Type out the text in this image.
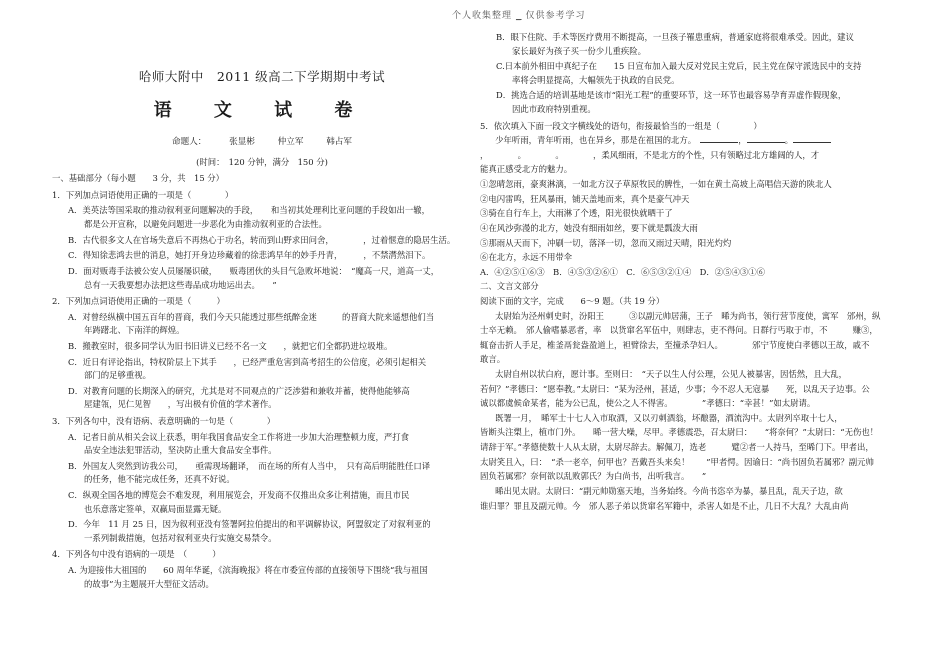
个人收集整理 _ 仅供参考学习
哈师大附中　2011 级高二下学期期中考试
语 文 试 卷
命题人：	张显彬	仲立军	韩占军
(时间：　120 分钟，满分　150 分)
一、基础部分（每小题　　3 分，共　15 分）
1．下列加点词语使用正确的一项是（　　　　）
A．美英法等国采取的推动叙利亚问题解决的手段，　　和当初其处理利比亚问题的手段如出一辙，
都是公开宣称，以避免问题进一步恶化为由推动叙利亚的合法性。
B．古代很多文人在官场失意后不再热心于功名，转而到山野求田问舍，　　　　，过着惬意的隐居生活。
C．得知徐悲鸿去世的消息，她打开身边珍藏着的徐悲鸿早年的妙手丹青，　　　，不禁潸然泪下。
D．面对贩毒手法被公安人员屡屡识破，　　贩毒团伙的头目气急败坏地说：　“魔高一尺，道高一丈，
总有一天我要想办法把这些毒品成功地运出去。　　”
2．下列加点词语使用正确的一项是（　　　）
A．对曾经纵横中国五百年的晋商，我们今天只能透过那些纸醉金迷　　　的晋商大院来遥想他们当
年踌躇北、下南洋的辉煌。
B．搬教室时，很多同学认为旧书旧讲义已经不名一文　　，就把它们全都扔进垃圾堆。
C．近日有评论指出，特权阶层上下其手　　，已经严重危害到高考招生的公信度，必须引起相关
部门的足够重视。
D．对教育问题的长期深入的研究，尤其是对不同观点的广泛涉猎和兼收并蓄，使得他能够高
屋建瓴，见仁见智　　，写出极有价值的学术著作。
3．下列各句中，没有语病、表意明确的一句是（　　　　）
A．记者日前从相关会议上获悉，明年我国食品安全工作将进一步加大治理整顿力度，严打食
品安全违法犯罪活动，坚决防止重大食品安全事件。
B．外国友人突然到访我公司，　　亟需现场翻译，　而在场的所有人当中，　只有高后明能胜任口译
的任务，他不能完成任务，还真不好说。
C．纵观全国各地的博览会不难发现，利用展览会，开发商不仅推出众多让利措施，而且市民
也乐意落定签单，双赢局面显露无疑。
D．今年　11 月 25 日，因为叙利亚没有签署阿拉伯提出的和平调解协议，阿盟叙定了对叙利亚的
一系列制裁措施，包括对叙利亚央行实施交易禁令。
4．下列各句中没有语病的一项是　（　　　）
A. 为迎接伟大祖国的　　60 周年华诞，《滨海晚报》将在市委宣传部的直接领导下围绕“我与祖国
的故事”为主题展开大型征文活动。
B．眼下住院、手术等医疗费用不断提高，一旦孩子罹患重病，普通家庭将很难承受。因此，建议
家长最好为孩子买一份少儿重疾险。
C.日本前外相田中真纪子在　　15 日宣布加入最大反对党民主党后，民主党在保守派选民中的支持
率将会明显提高，大幅领先于执政的自民党。
D．挑选合适的培训基地是该市“阳光工程”的重要环节，这一环节也最容易孕育弄虚作假现象，
因此市政府特别重视。
5．依次填入下面一段文字横线处的语句，衔接最恰当的一组是（　　　　）
少年听雨，青年听雨，也在异乡，那是在祖国的北方。　	，	。
，　　　　。　　　　。　　　　，柔风细雨，不是北方的个性，只有领略过北方雄阔的人，才
能真正感受北方的魅力。
①忽晴忽雨，豪爽淋漓，一如北方汉子草原牧民的脾性，一如在黄土高坡上高唱信天游的陕北人
②电闪雷鸣，狂风暴雨，铺天盖地而来，真个是豪气冲天
③骑在自行车上，大雨淋了个透，阳光很快就晒干了
④在风沙弥漫的北方，她没有细雨如丝，要下就是瓢泼大雨
⑤那雨从天而下，冲刷一切，落泽一切，忽而又雨过天晴，阳光灼灼
⑥在北方，永远不用带伞
A．④②⑤①⑥③　B．④⑤③②⑥①　C．⑥⑤③②①④　D．②⑤④③①⑥
二、文言文部分
阅读下面的文字，完成　　6～9 题。（共 19 分）
太尉始为泾州刺史时，汾阳王　　　③以副元帅居蒲，王子　晞为尚书，领行营节度使，寓军　邠州，纵
士卒无赖。　邠人偷嗜暴恶者，率　以货窜名军伍中，则肆志，吏不得问。日群行丐取于市，不　　　赚③，
辄奋击折人手足，椎釜鬲瓮盎盈道上，袒臂徐去，至撞杀孕妇人。　　　　邠宁节度使白孝德以王故，戚不
敢言。
太尉自州以状白府，愿计事。至则曰：　“天子以生人付公理，公见人被暴害，因恬然，且大乱，
若何？”孝德曰：“愿奉教。”太尉曰：“某为泾州，甚适，少事；今不忍人无寇暴　　死，以乱天子边事。公
诚以都虞候命某者，能为公已乱，使公之人不得害。　　　　”孝德曰：“幸甚！”如太尉请。
既署一月，　晞军士十七人入市取酒，又以刃刺酒翁，坏酿器，酒流沟中。太尉列卒取十七人，
皆断头注槊上，植市门外。　　晞一营大噪，尽甲。孝德震恐，召太尉曰：　　“将奈何？”太尉曰：“无伤也！
请辞于军。”孝德使数十人从太尉，太尉尽辞去。解佩刀，选老　　　躄②者一人持马，至晞门下。甲者出，
太尉笑且入，曰：　“杀一老卒，何甲也？吾戴吾头来矣！　　”甲者愕。因谕曰：“尚书固负若属邪？副元帅
固负若属邪？奈何欲以乱败郭氏？为白尚书，出听我言。　　”
晞出见太尉。太尉曰：“副元帅勋塞天地，当务始终。今尚书恣卒为暴，暴且乱，乱天子边，欲
谁归罪？罪且及副元帅。今　邠人恶子弟以货窜名军籍中，杀害人如是不止，几日不大乱？大乱由尚
